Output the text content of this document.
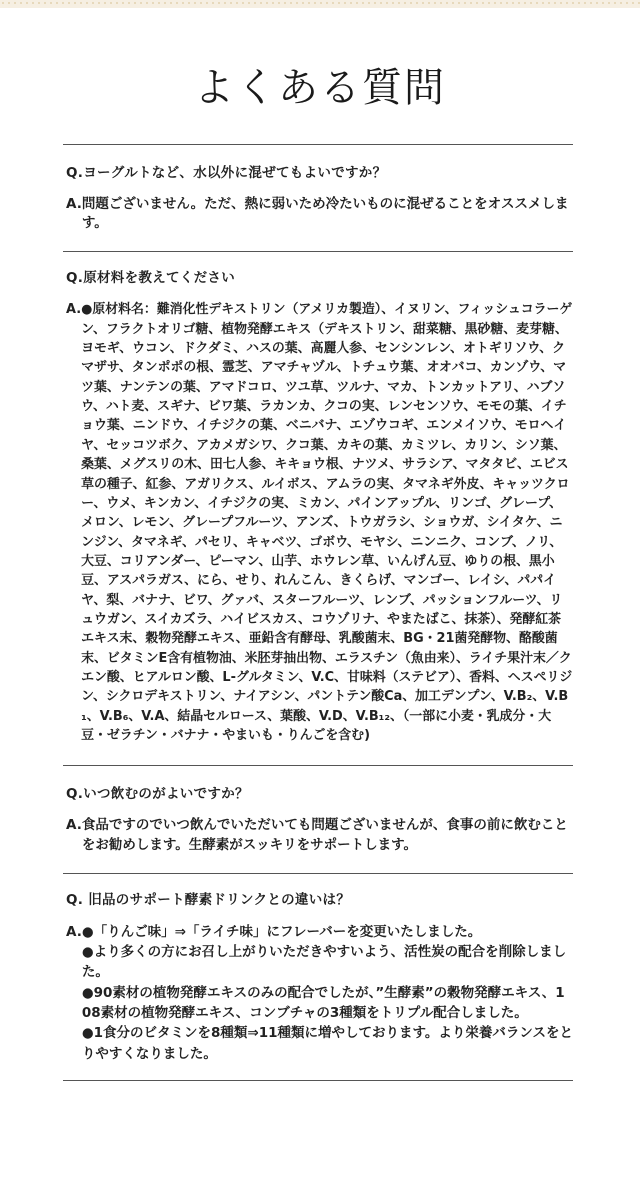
よくある質問
Q.ヨーグルトなど、水以外に混ぜてもよいですか？
A. 問題ございません。ただ、熱に弱いため冷たいものに混ぜることをオススメします。
Q.原材料を教えてください
A. ●原材料名：難消化性デキストリン（アメリカ製造）、イヌリン、フィッシュコラーゲン、フラクトオリゴ糖、植物発酵エキス（デキストリン、甜菜糖、黒砂糖、麦芽糖、ヨモギ、ウコン、ドクダミ、ハスの葉、高麗人参、センシンレン、オトギリソウ、クマザサ、タンポポの根、霊芝、アマチャヅル、トチュウ葉、オオバコ、カンゾウ、マツ葉、ナンテンの葉、アマドコロ、ツユ草、ツルナ、マカ、トンカットアリ、ハブソウ、ハト麦、スギナ、ビワ葉、ラカンカ、クコの実、レンセンソウ、モモの葉、イチョウ葉、ニンドウ、イチジクの葉、ベニバナ、エゾウコギ、エンメイソウ、モロヘイヤ、セッコツボク、アカメガシワ、クコ葉、カキの葉、カミツレ、カリン、シソ葉、桑葉、メグスリの木、田七人参、キキョウ根、ナツメ、サラシア、マタタビ、エビス草の種子、紅参、アガリクス、ルイボス、アムラの実、タマネギ外皮、キャッツクロー、ウメ、キンカン、イチジクの実、ミカン、パインアップル、リンゴ、グレープ、メロン、レモン、グレープフルーツ、アンズ、トウガラシ、ショウガ、シイタケ、ニンジン、タマネギ、パセリ、キャベツ、ゴボウ、モヤシ、ニンニク、コンブ、ノリ、大豆、コリアンダー、ピーマン、山芋、ホウレン草、いんげん豆、ゆりの根、黒小豆、アスパラガス、にら、せり、れんこん、きくらげ、マンゴー、レイシ、パパイヤ、梨、バナナ、ビワ、グァバ、スターフルーツ、レンブ、パッションフルーツ、リュウガン、スイカズラ、ハイビスカス、コウゾリナ、やまたばこ、抹茶）、発酵紅茶エキス末、穀物発酵エキス、亜鉛含有酵母、乳酸菌末、BG・21菌発酵物、酪酸菌末、ビタミンE含有植物油、米胚芽抽出物、エラスチン（魚由来）、ライチ果汁末／クエン酸、ヒアルロン酸、L-グルタミン、V.C、甘味料（ステビア）、香料、ヘスペリジン、シクロデキストリン、ナイアシン、パントテン酸Ca、加工デンプン、V.B₂、V.B₁、V.B₆、V.A、結晶セルロース、葉酸、V.D、V.B₁₂、（一部に小麦・乳成分・大豆・ゼラチン・バナナ・やまいも・りんごを含む)
Q.いつ飲むのがよいですか？
A. 食品ですのでいつ飲んでいただいても問題ございませんが、食事の前に飲むことをお勧めします。生酵素がスッキリをサポートします。
Q. 旧品のサポート酵素ドリンクとの違いは？
A. ●「りんご味」⇒「ライチ味」にフレーバーを変更いたしました。
●より多くの方にお召し上がりいただきやすいよう、活性炭の配合を削除しました。
●90素材の植物発酵エキスのみの配合でしたが、”生酵素”の穀物発酵エキス、108素材の植物発酵エキス、コンブチャの3種類をトリプル配合しました。
●1食分のビタミンを8種類⇒11種類に増やしております。より栄養バランスをとりやすくなりました。
